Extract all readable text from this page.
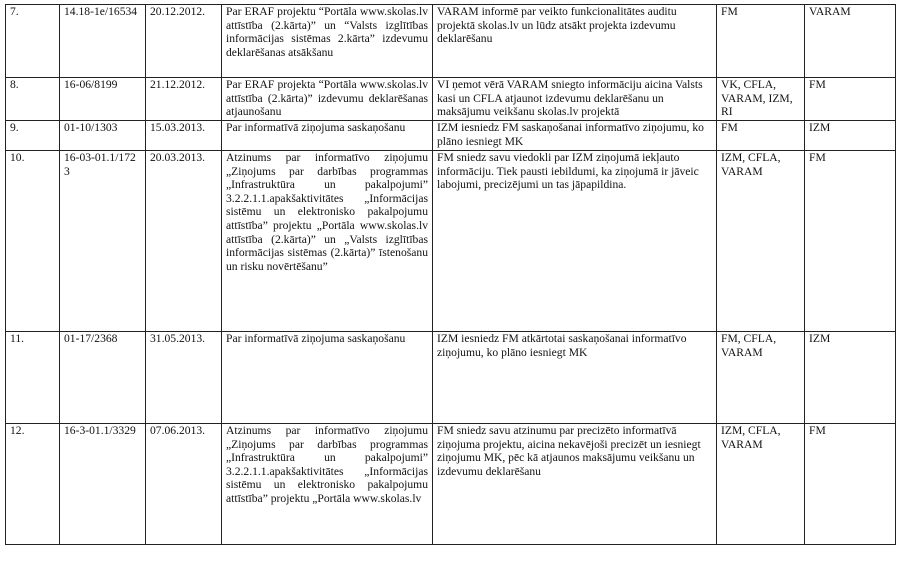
7.	14.18-1e/16534	20.12.2012.	Par ERAF projektu “Portāla www.skolas.lv attīstība (2.kārta)” un “Valsts izglītības informācijas sistēmas 2.kārta” izdevumu deklarēšanas atsākšanu	VARAM informē par veikto funkcionalitātes auditu projektā skolas.lv un lūdz atsākt projekta izdevumu deklarēšanu	FM	VARAM
8.	16-06/8199	21.12.2012.	Par ERAF projekta “Portāla www.skolas.lv attīstība (2.kārta)” izdevumu deklarēšanas atjaunošanu	VI ņemot vērā VARAM sniegto informāciju aicina Valsts kasi un CFLA atjaunot izdevumu deklarēšanu un maksājumu veikšanu skolas.lv projektā	VK, CFLA, VARAM, IZM, RI	FM
9.	01-10/1303	15.03.2013.	Par informatīvā ziņojuma saskaņošanu	IZM iesniedz FM saskaņošanai informatīvo ziņojumu, ko plāno iesniegt MK	FM	IZM
10.	16-03-01.1/1723	20.03.2013.	Atzinums par informatīvo ziņojumu „Ziņojums par darbības programmas „Infrastruktūra un pakalpojumi” 3.2.2.1.1.apakšaktivitātes „Informācijas sistēmu un elektronisko pakalpojumu attīstība” projektu „Portāla www.skolas.lv attīstība (2.kārta)” un „Valsts izglītības informācijas sistēmas (2.kārta)” īstenošanu un risku novērtēšanu”	FM sniedz savu viedokli par IZM ziņojumā iekļauto informāciju. Tiek pausti iebildumi, ka ziņojumā ir jāveic labojumi, precizējumi un tas jāpapildina.	IZM, CFLA, VARAM	FM
11.	01-17/2368	31.05.2013.	Par informatīvā ziņojuma saskaņošanu	IZM iesniedz FM atkārtotai saskaņošanai informatīvo ziņojumu, ko plāno iesniegt MK	FM, CFLA, VARAM	IZM
12.	16-3-01.1/3329	07.06.2013.	Atzinums par informatīvo ziņojumu „Ziņojums par darbības programmas „Infrastruktūra un pakalpojumi” 3.2.2.1.1.apakšaktivitātes „Informācijas sistēmu un elektronisko pakalpojumu attīstība” projektu „Portāla www.skolas.lv	FM sniedz savu atzinumu par precizēto informatīvā ziņojuma projektu, aicina nekavējoši precizēt un iesniegt ziņojumu MK, pēc kā atjaunos maksājumu veikšanu un izdevumu deklarēšanu	IZM, CFLA, VARAM	FM
